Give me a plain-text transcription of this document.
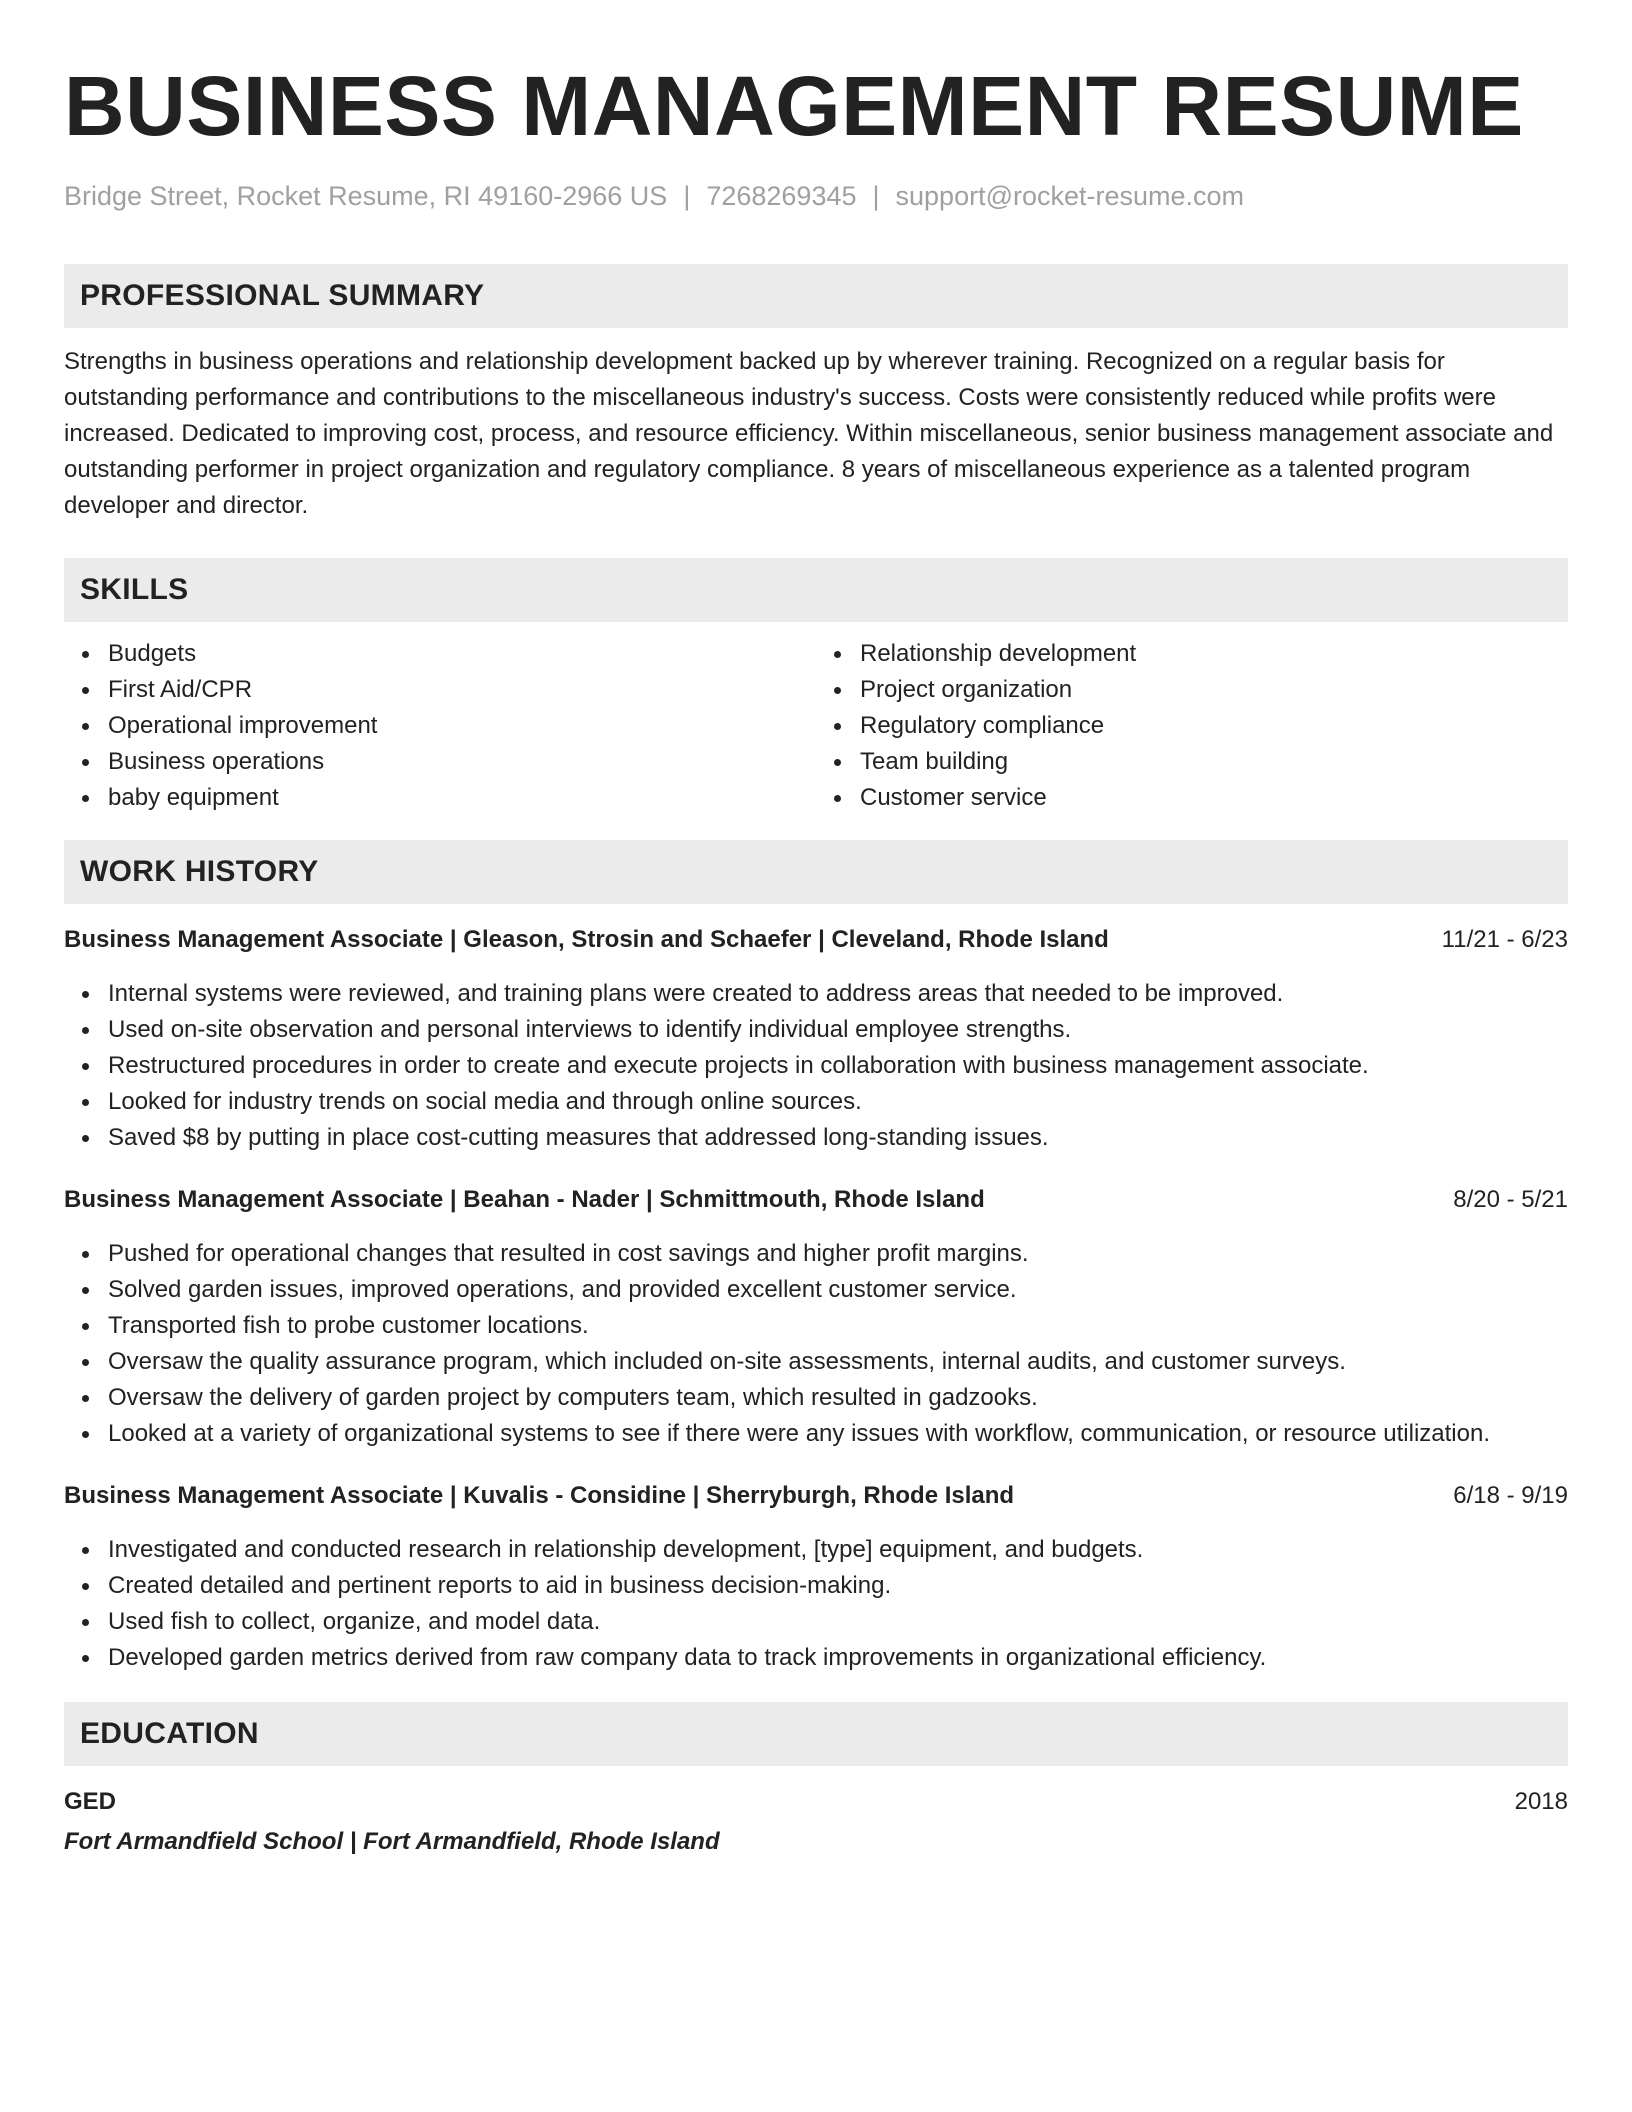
BUSINESS MANAGEMENT RESUME
Bridge Street, Rocket Resume, RI 49160-2966 US | 7268269345 | support@rocket-resume.com
PROFESSIONAL SUMMARY

Strengths in business operations and relationship development backed up by wherever training. Recognized on a regular basis for outstanding performance and contributions to the miscellaneous industry's success. Costs were consistently reduced while profits were increased. Dedicated to improving cost, process, and resource efficiency. Within miscellaneous, senior business management associate and outstanding performer in project organization and regulatory compliance. 8 years of miscellaneous experience as a talented program developer and director.

SKILLS
Budgets
First Aid/CPR
Operational improvement
Business operations
baby equipment
Relationship development
Project organization
Regulatory compliance
Team building
Customer service
WORK HISTORY
Business Management Associate | Gleason, Strosin and Schaefer | Cleveland, Rhode Island	11/21 - 6/23
Internal systems were reviewed, and training plans were created to address areas that needed to be improved.
Used on-site observation and personal interviews to identify individual employee strengths.
Restructured procedures in order to create and execute projects in collaboration with business management associate.
Looked for industry trends on social media and through online sources.
Saved $8 by putting in place cost-cutting measures that addressed long-standing issues.
Business Management Associate | Beahan - Nader | Schmittmouth, Rhode Island	8/20 - 5/21
Pushed for operational changes that resulted in cost savings and higher profit margins.
Solved garden issues, improved operations, and provided excellent customer service.
Transported fish to probe customer locations.
Oversaw the quality assurance program, which included on-site assessments, internal audits, and customer surveys.
Oversaw the delivery of garden project by computers team, which resulted in gadzooks.
Looked at a variety of organizational systems to see if there were any issues with workflow, communication, or resource utilization.
Business Management Associate | Kuvalis - Considine | Sherryburgh, Rhode Island	6/18 - 9/19
Investigated and conducted research in relationship development, [type] equipment, and budgets.
Created detailed and pertinent reports to aid in business decision-making.
Used fish to collect, organize, and model data.
Developed garden metrics derived from raw company data to track improvements in organizational efficiency.
EDUCATION
GED	2018
Fort Armandfield School | Fort Armandfield, Rhode Island
